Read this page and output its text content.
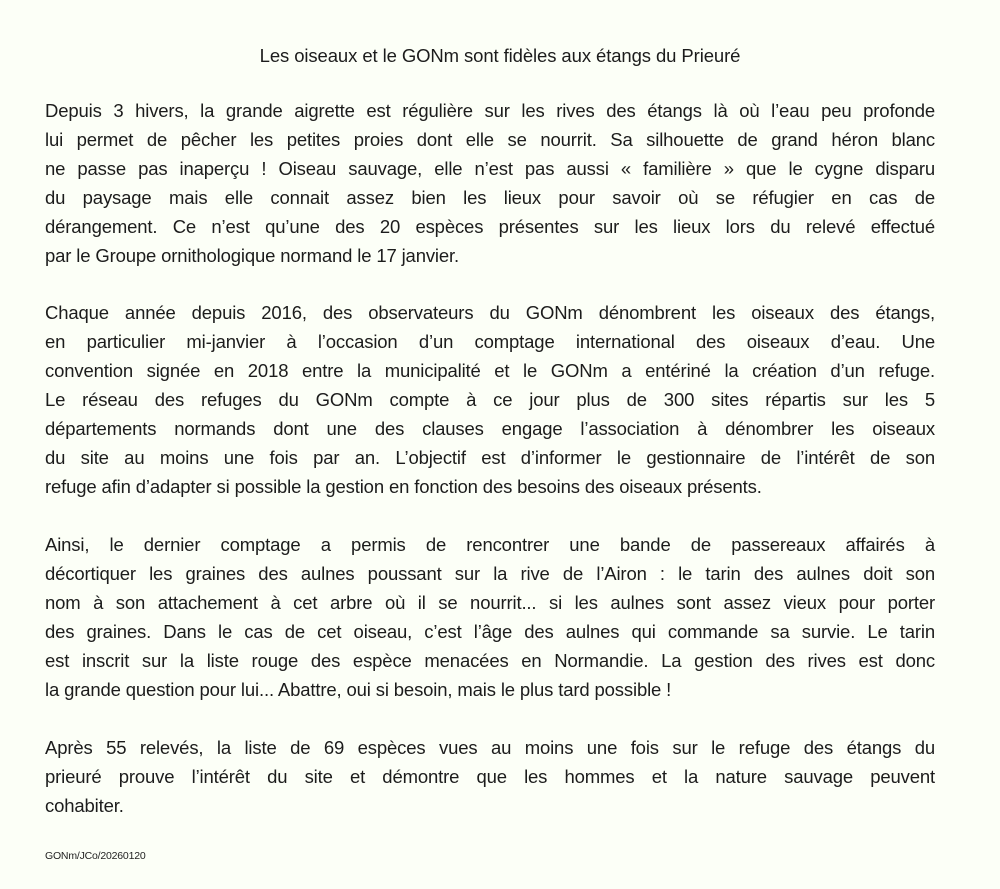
Les oiseaux et le GONm sont fidèles aux étangs du Prieuré
Depuis 3 hivers, la grande aigrette est régulière sur les rives des étangs là où l’eau peu profonde
lui permet de pêcher les petites proies dont elle se nourrit. Sa silhouette de grand héron blanc
ne passe pas inaperçu ! Oiseau sauvage, elle n’est pas aussi « familière » que le cygne disparu
du paysage mais elle connait assez bien les lieux pour savoir où se réfugier en cas de
dérangement. Ce n’est qu’une des 20 espèces présentes sur les lieux lors du relevé effectué
par le Groupe ornithologique normand le 17 janvier.
Chaque année depuis 2016, des observateurs du GONm dénombrent les oiseaux des étangs,
en particulier mi-janvier à l’occasion d’un comptage international des oiseaux d’eau. Une
convention signée en 2018 entre la municipalité et le GONm a entériné la création d’un refuge.
Le réseau des refuges du GONm compte à ce jour plus de 300 sites répartis sur les 5
départements normands dont une des clauses engage l’association à dénombrer les oiseaux
du site au moins une fois par an. L’objectif est d’informer le gestionnaire de l’intérêt de son
refuge afin d’adapter si possible la gestion en fonction des besoins des oiseaux présents.
Ainsi, le dernier comptage a permis de rencontrer une bande de passereaux affairés à
décortiquer les graines des aulnes poussant sur la rive de l’Airon : le tarin des aulnes doit son
nom à son attachement à cet arbre où il se nourrit... si les aulnes sont assez vieux pour porter
des graines. Dans le cas de cet oiseau, c’est l’âge des aulnes qui commande sa survie. Le tarin
est inscrit sur la liste rouge des espèce menacées en Normandie. La gestion des rives est donc
la grande question pour lui... Abattre, oui si besoin, mais le plus tard possible !
Après 55 relevés, la liste de 69 espèces vues au moins une fois sur le refuge des étangs du
prieuré prouve l’intérêt du site et démontre que les hommes et la nature sauvage peuvent
cohabiter.
GONm/JCo/20260120
